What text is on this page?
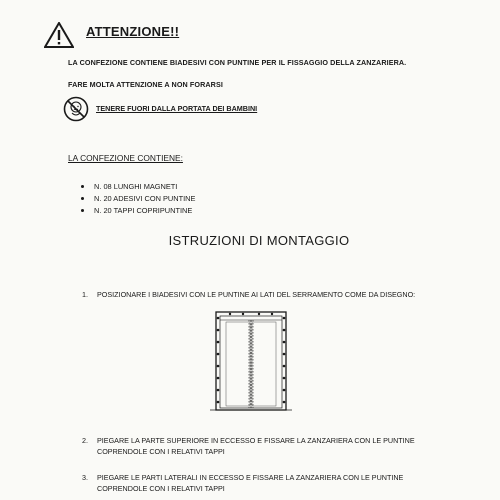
ATTENZIONE!!
LA CONFEZIONE CONTIENE BIADESIVI CON PUNTINE PER IL FISSAGGIO DELLA ZANZARIERA.
FARE MOLTA ATTENZIONE A NON FORARSI
TENERE FUORI DALLA PORTATA DEI BAMBINI
LA CONFEZIONE CONTIENE:
N. 08 LUNGHI MAGNETI
N. 20 ADESIVI CON PUNTINE
N. 20 TAPPI COPRIPUNTINE
ISTRUZIONI DI MONTAGGIO
1. POSIZIONARE I BIADESIVI CON LE PUNTINE AI LATI DEL SERRAMENTO COME DA DISEGNO:
2. PIEGARE LA PARTE SUPERIORE IN ECCESSO E FISSARE LA ZANZARIERA CON LE PUNTINE
COPRENDOLE CON I RELATIVI TAPPI
3. PIEGARE LE PARTI LATERALI IN ECCESSO E FISSARE LA ZANZARIERA CON LE PUNTINE
COPRENDOLE CON I RELATIVI TAPPI
